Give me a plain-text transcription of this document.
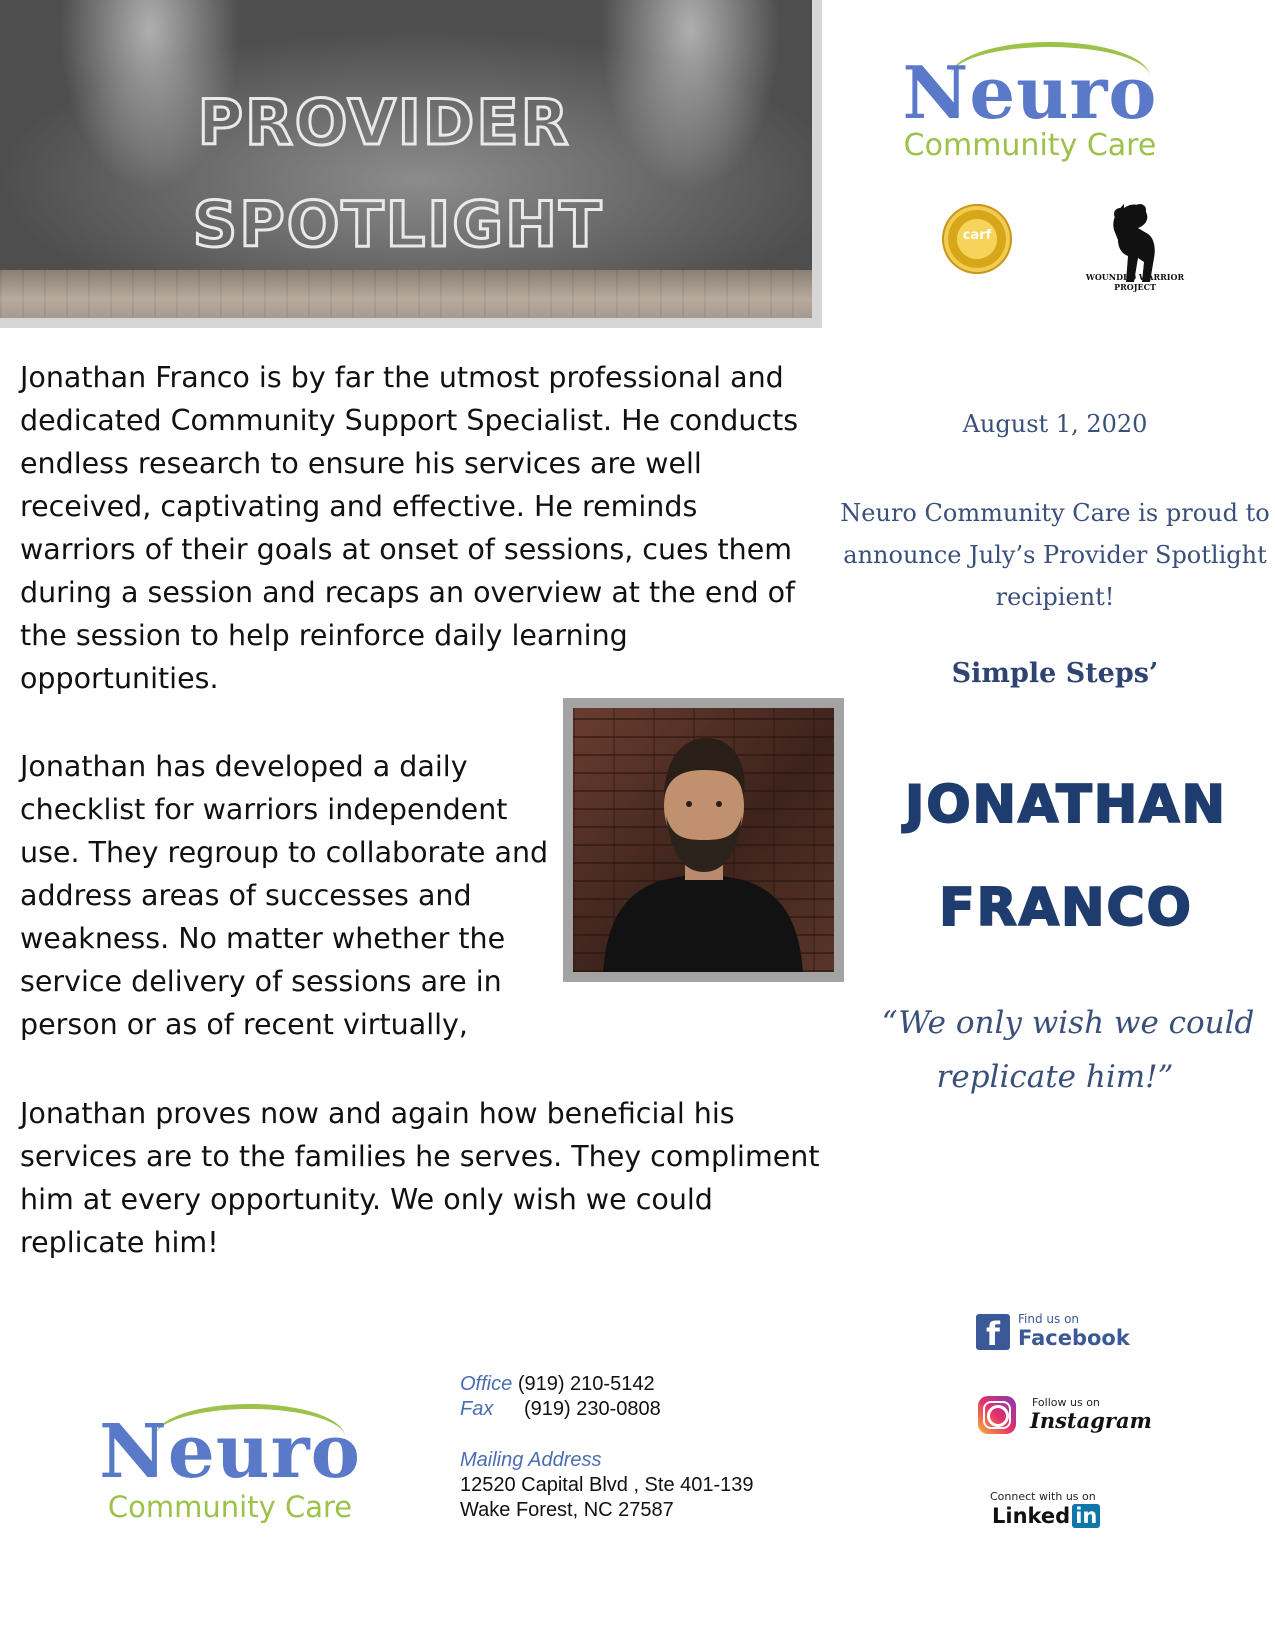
PROVIDER
SPOTLIGHT
Neuro
Community Care
carf
WOUNDED WARRIOR PROJECT

Jonathan Franco is by far the utmost professional and dedicated Community Support Specialist. He conducts endless research to ensure his services are well received, captivating and effective. He reminds warriors of their goals at onset of sessions, cues them during a session and recaps an overview at the end of the session to help reinforce daily learning opportunities.

Jonathan has developed a daily checklist for warriors independent use. They regroup to collaborate and address areas of successes and weakness. No matter whether the service delivery of sessions are in person or as of recent virtually,

Jonathan proves now and again how beneficial his services are to the families he serves. They compliment him at every opportunity. We only wish we could replicate him!

August 1, 2020
Neuro Community Care is proud to announce July’s Provider Spotlight recipient!
Simple Steps’
JONATHAN
FRANCO
“We only wish we could
replicate him!”
f	Find us on
Facebook
Follow us on
Instagram
Connect with us on
Linked in
Neuro
Community Care
Office (919) 210-5142
Fax (919) 230-0808
Mailing Address
12520 Capital Blvd , Ste 401-139
Wake Forest, NC 27587
